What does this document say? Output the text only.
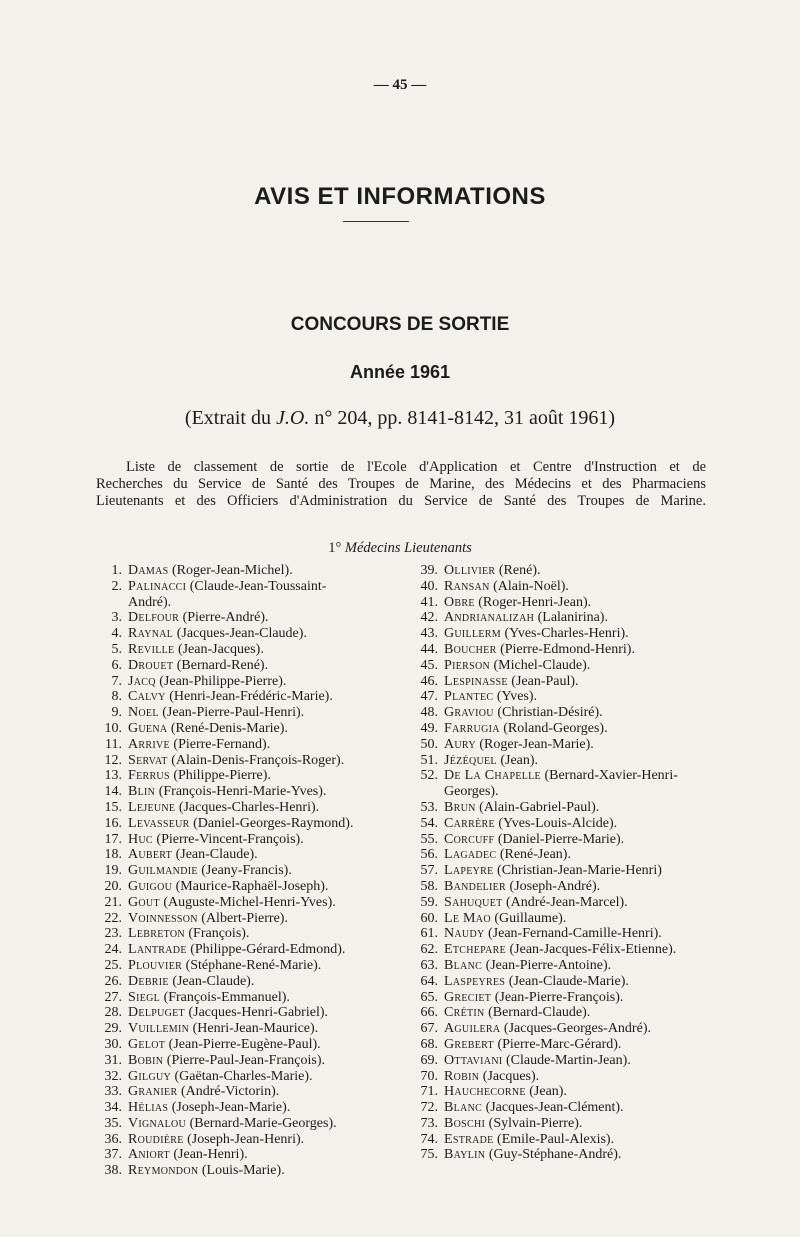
— 45 —
AVIS ET INFORMATIONS
CONCOURS DE SORTIE
Année 1961
(Extrait du J.O. n° 204, pp. 8141-8142, 31 août 1961)

Liste de classement de sortie de l'Ecole d'Application et Centre d'Instruction et de

Recherches du Service de Santé des Troupes de Marine, des Médecins et des Pharmaciens

Lieutenants et des Officiers d'Administration du Service de Santé des Troupes de Marine.

1° Médecins Lieutenants
1. Damas (Roger-Jean-Michel).
2. Palinacci (Claude-Jean-Toussaint-
André).
3. Delfour (Pierre-André).
4. Raynal (Jacques-Jean-Claude).
5. Reville (Jean-Jacques).
6. Drouet (Bernard-René).
7. Jacq (Jean-Philippe-Pierre).
8. Calvy (Henri-Jean-Frédéric-Marie).
9. Noel (Jean-Pierre-Paul-Henri).
10. Guena (René-Denis-Marie).
11. Arrive (Pierre-Fernand).
12. Servat (Alain-Denis-François-Roger).
13. Ferrus (Philippe-Pierre).
14. Blin (François-Henri-Marie-Yves).
15. Lejeune (Jacques-Charles-Henri).
16. Levasseur (Daniel-Georges-Raymond).
17. Huc (Pierre-Vincent-François).
18. Aubert (Jean-Claude).
19. Guilmandie (Jeany-Francis).
20. Guigou (Maurice-Raphaël-Joseph).
21. Gout (Auguste-Michel-Henri-Yves).
22. Voinnesson (Albert-Pierre).
23. Lebreton (François).
24. Lantrade (Philippe-Gérard-Edmond).
25. Plouvier (Stéphane-René-Marie).
26. Debrie (Jean-Claude).
27. Siegl (François-Emmanuel).
28. Delpuget (Jacques-Henri-Gabriel).
29. Vuillemin (Henri-Jean-Maurice).
30. Gelot (Jean-Pierre-Eugène-Paul).
31. Bobin (Pierre-Paul-Jean-François).
32. Gilguy (Gaëtan-Charles-Marie).
33. Granier (André-Victorin).
34. Hélias (Joseph-Jean-Marie).
35. Vignalou (Bernard-Marie-Georges).
36. Roudière (Joseph-Jean-Henri).
37. Aniort (Jean-Henri).
38. Reymondon (Louis-Marie).
39. Ollivier (René).
40. Ransan (Alain-Noël).
41. Obre (Roger-Henri-Jean).
42. Andrianalizah (Lalanirina).
43. Guillerm (Yves-Charles-Henri).
44. Boucher (Pierre-Edmond-Henri).
45. Pierson (Michel-Claude).
46. Lespinasse (Jean-Paul).
47. Plantec (Yves).
48. Graviou (Christian-Désiré).
49. Farrugia (Roland-Georges).
50. Aury (Roger-Jean-Marie).
51. Jézéquel (Jean).
52. De La Chapelle (Bernard-Xavier-Henri-
Georges).
53. Brun (Alain-Gabriel-Paul).
54. Carrère (Yves-Louis-Alcide).
55. Corcuff (Daniel-Pierre-Marie).
56. Lagadec (René-Jean).
57. Lapeyre (Christian-Jean-Marie-Henri)
58. Bandelier (Joseph-André).
59. Sahuquet (André-Jean-Marcel).
60. Le Mao (Guillaume).
61. Naudy (Jean-Fernand-Camille-Henri).
62. Etchepare (Jean-Jacques-Félix-Etienne).
63. Blanc (Jean-Pierre-Antoine).
64. Laspeyres (Jean-Claude-Marie).
65. Greciet (Jean-Pierre-François).
66. Crétin (Bernard-Claude).
67. Aguilera (Jacques-Georges-André).
68. Grebert (Pierre-Marc-Gérard).
69. Ottaviani (Claude-Martin-Jean).
70. Robin (Jacques).
71. Hauchecorne (Jean).
72. Blanc (Jacques-Jean-Clément).
73. Boschi (Sylvain-Pierre).
74. Estrade (Emile-Paul-Alexis).
75. Baylin (Guy-Stéphane-André).
